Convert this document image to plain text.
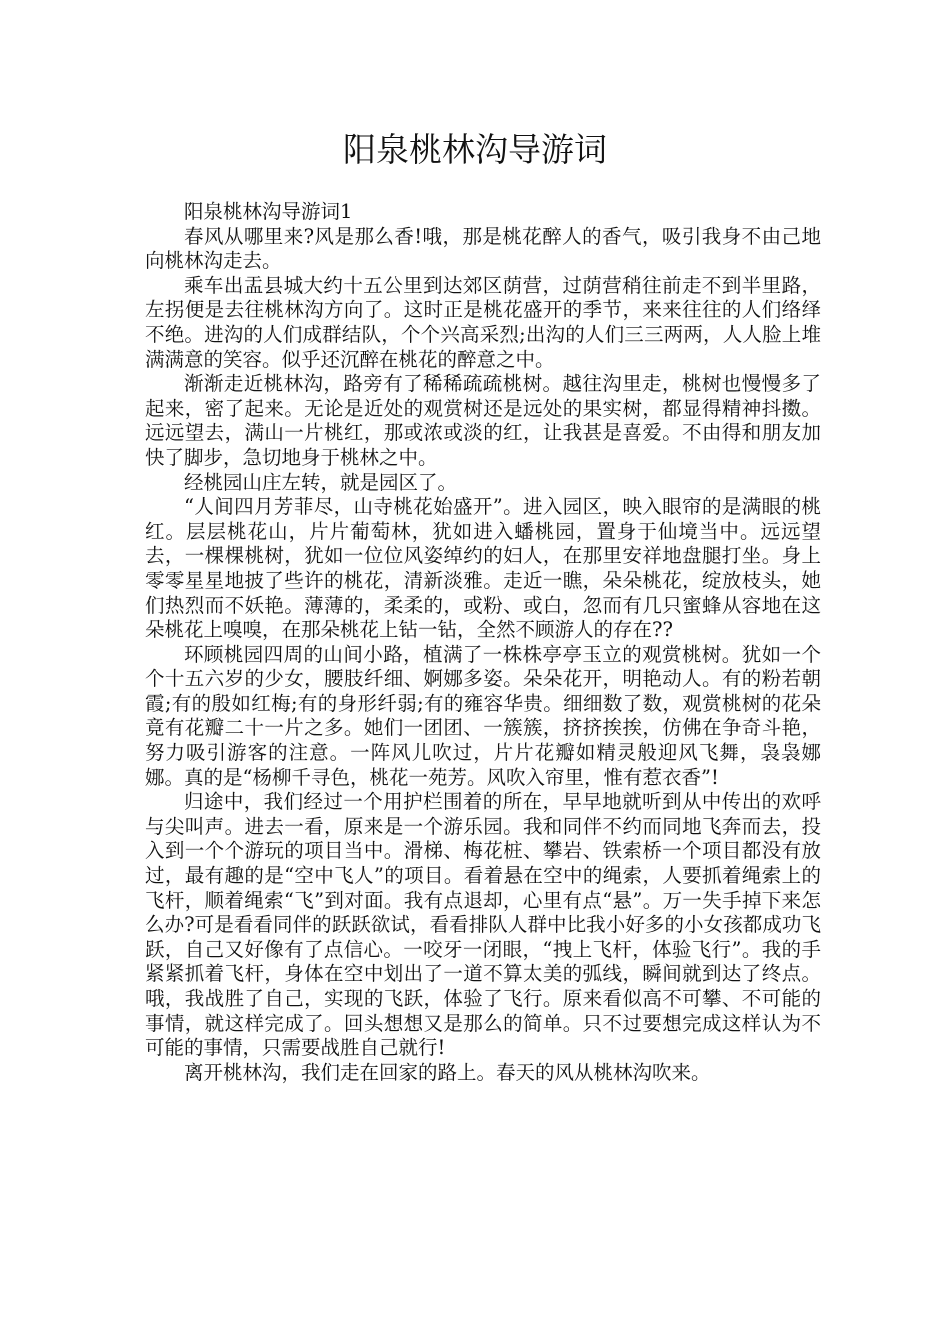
阳泉桃林沟导游词

阳泉桃林沟导游词1

春风从哪里来?风是那么香!哦，那是桃花醉人的香气，吸引我身不由己地向桃林沟走去。

乘车出盂县城大约十五公里到达郊区荫营，过荫营稍往前走不到半里路，左拐便是去往桃林沟方向了。这时正是桃花盛开的季节，来来往往的人们络绎不绝。进沟的人们成群结队，个个兴高采烈;出沟的人们三三两两，人人脸上堆满满意的笑容。似乎还沉醉在桃花的醉意之中。

渐渐走近桃林沟，路旁有了稀稀疏疏桃树。越往沟里走，桃树也慢慢多了起来，密了起来。无论是近处的观赏树还是远处的果实树，都显得精神抖擞。远远望去，满山一片桃红，那或浓或淡的红，让我甚是喜爱。不由得和朋友加快了脚步，急切地身于桃林之中。

经桃园山庄左转，就是园区了。

“人间四月芳菲尽，山寺桃花始盛开”。进入园区，映入眼帘的是满眼的桃红。层层桃花山，片片葡萄林，犹如进入蟠桃园，置身于仙境当中。远远望去，一棵棵桃树，犹如一位位风姿绰约的妇人，在那里安祥地盘腿打坐。身上零零星星地披了些许的桃花，清新淡雅。走近一瞧，朵朵桃花，绽放枝头，她们热烈而不妖艳。薄薄的，柔柔的，或粉、或白，忽而有几只蜜蜂从容地在这朵桃花上嗅嗅，在那朵桃花上钻一钻，全然不顾游人的存在??

环顾桃园四周的山间小路，植满了一株株亭亭玉立的观赏桃树。犹如一个个十五六岁的少女，腰肢纤细、婀娜多姿。朵朵花开，明艳动人。有的粉若朝霞;有的殷如红梅;有的身形纤弱;有的雍容华贵。细细数了数，观赏桃树的花朵竟有花瓣二十一片之多。她们一团团、一簇簇，挤挤挨挨，仿佛在争奇斗艳，努力吸引游客的注意。一阵风儿吹过，片片花瓣如精灵般迎风飞舞，袅袅娜娜。真的是“杨柳千寻色，桃花一苑芳。风吹入帘里，惟有惹衣香”!

归途中，我们经过一个用护栏围着的所在，早早地就听到从中传出的欢呼与尖叫声。进去一看，原来是一个游乐园。我和同伴不约而同地飞奔而去，投入到一个个游玩的项目当中。滑梯、梅花桩、攀岩、铁索桥一个项目都没有放过，最有趣的是“空中飞人”的项目。看着悬在空中的绳索，人要抓着绳索上的飞杆，顺着绳索“飞”到对面。我有点退却，心里有点“悬”。万一失手掉下来怎么办?可是看看同伴的跃跃欲试，看看排队人群中比我小好多的小女孩都成功飞跃，自己又好像有了点信心。一咬牙一闭眼，“拽上飞杆，体验飞行”。我的手紧紧抓着飞杆，身体在空中划出了一道不算太美的弧线，瞬间就到达了终点。哦，我战胜了自己，实现的飞跃，体验了飞行。原来看似高不可攀、不可能的事情，就这样完成了。回头想想又是那么的简单。只不过要想完成这样认为不可能的事情，只需要战胜自己就行!

离开桃林沟，我们走在回家的路上。春天的风从桃林沟吹来。
